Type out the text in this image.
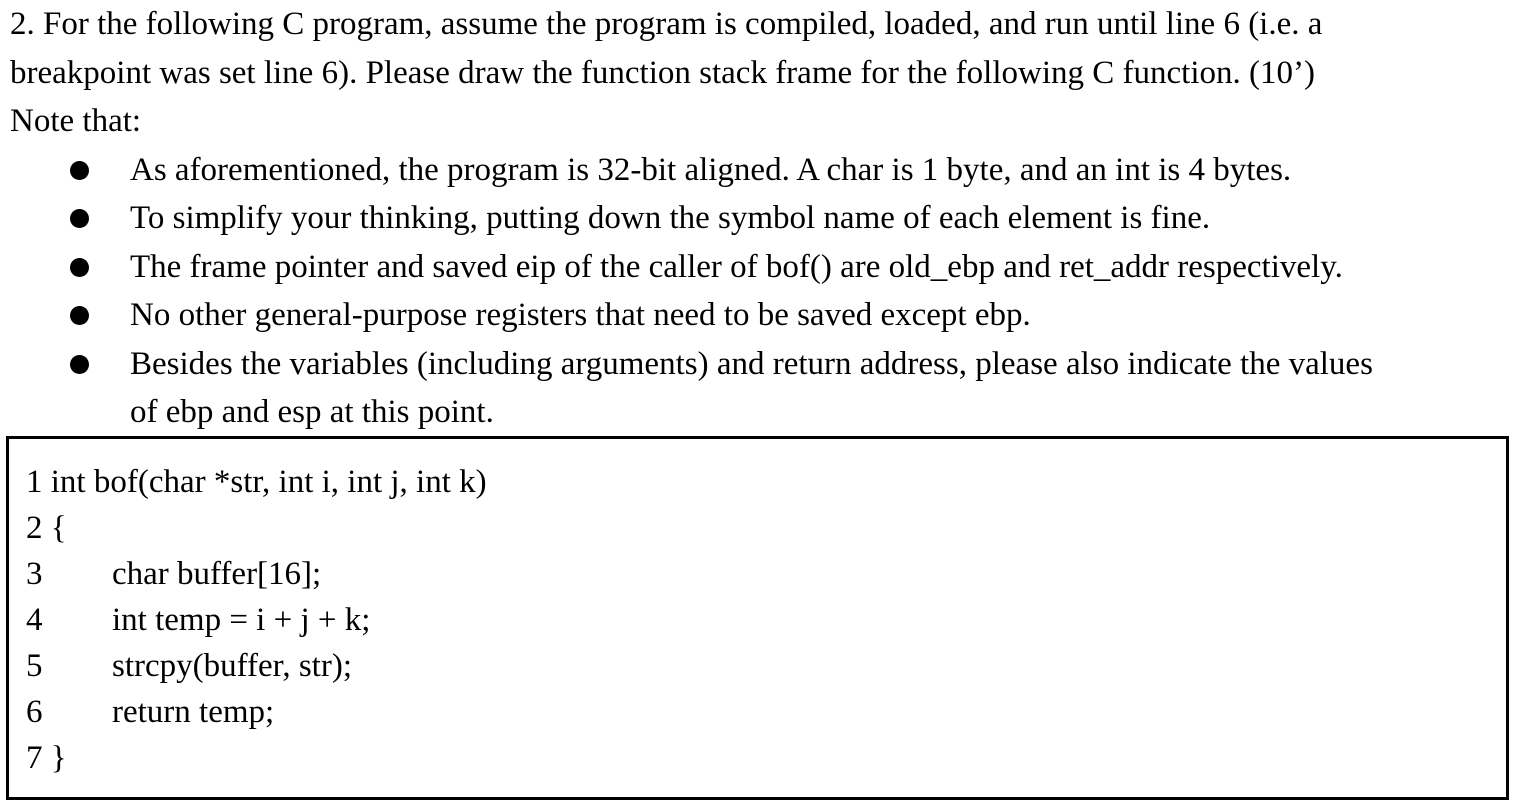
2. For the following C program, assume the program is compiled, loaded, and run until line 6 (i.e. a
breakpoint was set line 6). Please draw the function stack frame for the following C function. (10’)
Note that:
As aforementioned, the program is 32-bit aligned. A char is 1 byte, and an int is 4 bytes.
To simplify your thinking, putting down the symbol name of each element is fine.
The frame pointer and saved eip of the caller of bof() are old_ebp and ret_addr respectively.
No other general-purpose registers that need to be saved except ebp.
Besides the variables (including arguments) and return address, please also indicate the values
of ebp and esp at this point.
1 int bof(char *str, int i, int j, int k)
2 {
3 char buffer[16];
4 int temp = i + j + k;
5 strcpy(buffer, str);
6 return temp;
7 }
